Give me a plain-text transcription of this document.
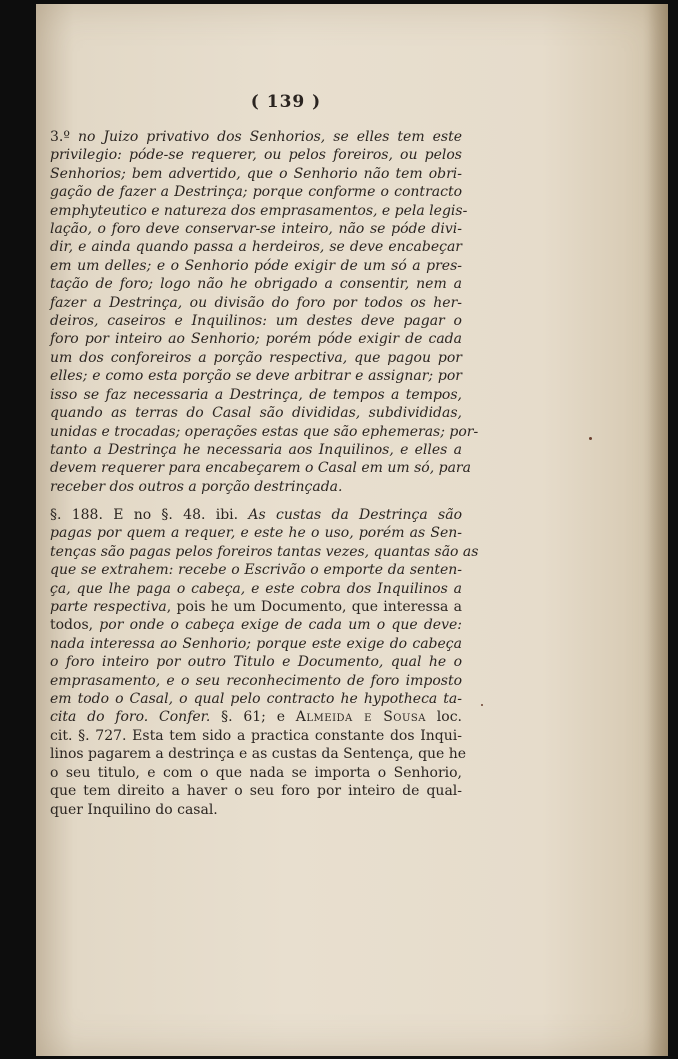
( 139 )
3.º no Juizo privativo dos Senhorios, se elles tem este
privilegio: póde-se requerer, ou pelos foreiros, ou pelos
Senhorios; bem advertido, que o Senhorio não tem obri-
gação de fazer a Destrinça; porque conforme o contracto
emphyteutico e natureza dos emprasamentos, e pela legis-
lação, o foro deve conservar-se inteiro, não se póde divi-
dir, e ainda quando passa a herdeiros, se deve encabeçar
em um delles; e o Senhorio póde exigir de um só a pres-
tação de foro; logo não he obrigado a consentir, nem a
fazer a Destrinça, ou divisão do foro por todos os her-
deiros, caseiros e Inquilinos: um destes deve pagar o
foro por inteiro ao Senhorio; porém póde exigir de cada
um dos conforeiros a porção respectiva, que pagou por
elles; e como esta porção se deve arbitrar e assignar; por
isso se faz necessaria a Destrinça, de tempos a tempos,
quando as terras do Casal são divididas, subdivididas,
unidas e trocadas; operações estas que são ephemeras; por-
tanto a Destrinça he necessaria aos Inquilinos, e elles a
devem requerer para encabeçarem o Casal em um só, para
receber dos outros a porção destrinçada.
§. 188. E no §. 48. ibi. As custas da Destrinça são
pagas por quem a requer, e este he o uso, porém as Sen-
tenças são pagas pelos foreiros tantas vezes, quantas são as
que se extrahem: recebe o Escrivão o emporte da senten-
ça, que lhe paga o cabeça, e este cobra dos Inquilinos a
parte respectiva, pois he um Documento, que interessa a
todos, por onde o cabeça exige de cada um o que deve:
nada interessa ao Senhorio; porque este exige do cabeça
o foro inteiro por outro Titulo e Documento, qual he o
emprasamento, e o seu reconhecimento de foro imposto
em todo o Casal, o qual pelo contracto he hypotheca ta-
cita do foro. Confer. §. 61; e Almeida e Sousa loc.
cit. §. 727. Esta tem sido a practica constante dos Inqui-
linos pagarem a destrinça e as custas da Sentença, que he
o seu titulo, e com o que nada se importa o Senhorio,
que tem direito a haver o seu foro por inteiro de qual-
quer Inquilino do casal.
